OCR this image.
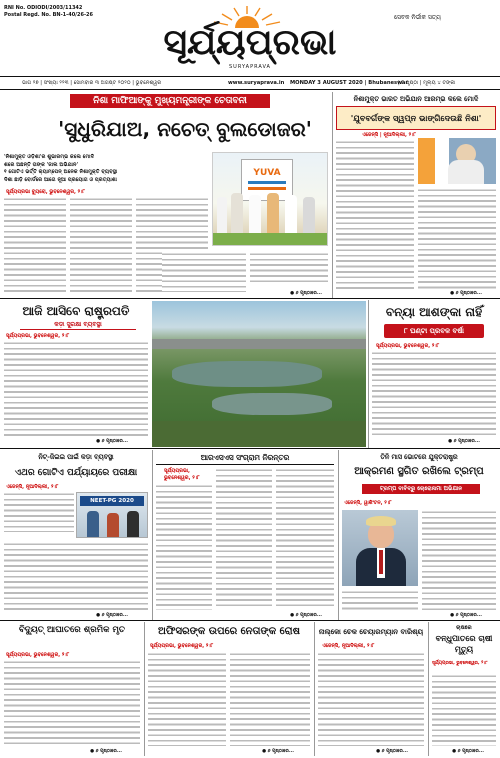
RNI No. ODIODI/2003/11342
Postal Regd. No. BN-1-40/26-26	ସେବକ ନିର୍ଭୀକ ସତ୍ୟ
ସୂର୍ଯ୍ୟପ୍ରଭା
SURYAPRAVA
ଭାଗ ୨୭ | ସଂଖ୍ୟା ୨୨୩ | ସୋମବାର ୩ ଅଗଷ୍ଟ ୨୦୨୦ | ଭୁବନେଶ୍ୱର	www.suryaprava.in MONDAY 3 AUGUST 2020 | Bhubaneswar
| ୮ ପୃଷ୍ଠା | ମୂଲ୍ୟ ୪ ଟଙ୍କା
ନିଶା ମାଫିଆଙ୍କୁ ମୁଖ୍ୟମନ୍ତ୍ରୀଙ୍କ ଚେତାବନୀ
'ସୁଧୁରିଯାଅ, ନଚେତ୍ ବୁଲଡୋଜର'
'ନିଶାମୁକ୍ତ ଓଡ଼ିଶା'ର ଶୁଭାରମ୍ଭ କଲେ ମୋଦି
ଶରେ ଅଛନ୍ତି ତାଙ୍କ 'ଜାଲ ଅଭିଯାନ'
୧ ଗୋଟିଏ ଭର୍ତ୍ତି କ୍ୟାମ୍ପେନ୍ ଅନେକ ନିଶାମୁକ୍ତି ବ୍ୟବସ୍ଥା
ଦିଶା ଛାଡ଼ି ବୋର୍ଡରେ ଆଗେ ନୂଆ ପ୍ରୟୋଗ ଓ ପ୍ରତ୍ୟାଶା
ସୂର୍ଯ୍ୟପ୍ରଭା ବ୍ୟୁରୋ, ଭୁବନେଶ୍ୱର, ୨।୮
YUVA
● ୬ ପୃଷ୍ଠାରେ...
ନିଶାମୁକ୍ତ ଭାରତ ଅଭିଯାନ ଆରମ୍ଭ କଲେ ମୋଦି
'ଯୁବବର୍ଗଙ୍କ ସ୍ୱପ୍ନ ଭାଙ୍ଗିଦେଉଛି ନିଶା'
ଏଜେନ୍ସି | ନୂଆଦିଲ୍ଲୀ, ୨।୮
● ୬ ପୃଷ୍ଠାରେ...
ଆଜି ଆସିବେ ରାଷ୍ଟ୍ରପତି
କଡ଼ା ସୁରକ୍ଷା ବ୍ୟବସ୍ଥା
ସୂର୍ଯ୍ୟପ୍ରଭା, ଭୁବନେଶ୍ୱର, ୨।୮
● ୬ ପୃଷ୍ଠାରେ...
ବନ୍ୟା ଆଶଙ୍କା ନାହିଁ
୮ ଘଣ୍ଟା ପ୍ରବଳ ବର୍ଷା
ସୂର୍ଯ୍ୟପ୍ରଭା, ଭୁବନେଶ୍ୱର, ୨।୮
● ୬ ପୃଷ୍ଠାରେ...
ନିଟ୍-ଜିଇଇ ପାଇଁ କଡ଼ା ବ୍ୟବସ୍ଥା
ଏଥର ଗୋଟିଏ ପର୍ଯ୍ୟାୟରେ ପରୀକ୍ଷା
ଏଜେନ୍ସି, ନୂଆଦିଲ୍ଲୀ, ୨।୮
NEET-PG 2020
● ୬ ପୃଷ୍ଠାରେ...
ଆରଏସଏସ ସଂଗ୍ରାମ ନିରନ୍ତର
ସୂର୍ଯ୍ୟପ୍ରଭା,
ଭୁବନେଶ୍ୱର, ୨।୮
● ୬ ପୃଷ୍ଠାରେ...
ତିନି ମାସ ଭୋଟରେ ଯୁକ୍ତରାଷ୍ଟ୍ର
ଆକ୍ରମଣ ସ୍ଥଗିତ ରଖିଲେ ଟ୍ରମ୍ପ
ଟ୍ରମ୍ପ ବାବିବ୍ରୁ ଚୋରୋନାମା ଅଭିଯାନ
ଏଜେନ୍ସି, ୱାଶିଂଟନ, ୨।୮
● ୬ ପୃଷ୍ଠାରେ...
ବିଦ୍ୟୁତ୍ ଆଘାତରେ ଶ୍ରମିକ ମୃତ
ସୂର୍ଯ୍ୟପ୍ରଭା, ଭୁବନେଶ୍ୱର, ୨।୮
● ୬ ପୃଷ୍ଠାରେ...
ଅଫିସରଙ୍କ ଉପରେ ନେତାଙ୍କ ରୋଷ
ସୂର୍ଯ୍ୟପ୍ରଭା, ଭୁବନେଶ୍ୱର, ୨।୮
● ୬ ପୃଷ୍ଠାରେ...
ନାଲ୍କୋ ଚେକ ଚେୟାରମ୍ୟାନ ବାରିଶ୍ୟ
ଏଜେନ୍ସି, ନୂଆଦିଲ୍ଲୀ, ୨।୮
● ୬ ପୃଷ୍ଠାରେ...
ଚାଷରେ
ବନ୍ଧୁପାତରେ ଚାଷୀ ମୃତ୍ୟୁ
ସୂର୍ଯ୍ୟପ୍ରଭା, ଭୁବନେଶ୍ୱର, ୨।୮
● ୬ ପୃଷ୍ଠାରେ...
